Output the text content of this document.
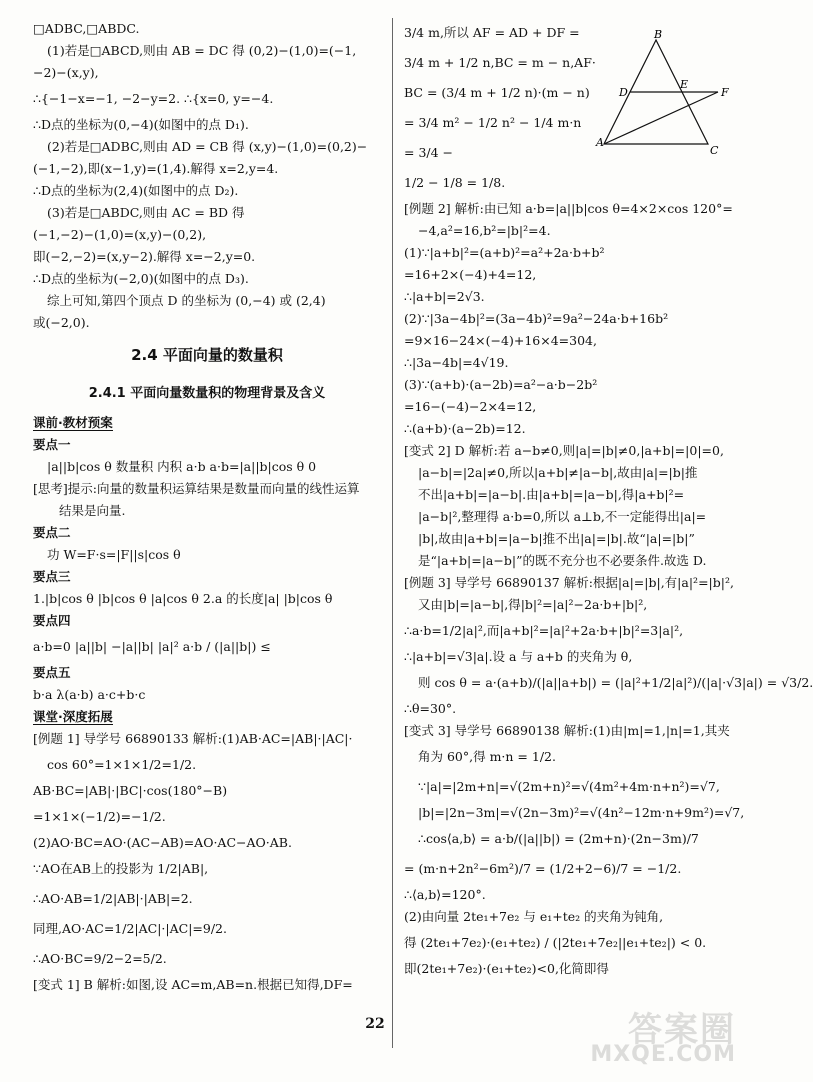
□ADBC,□ABDC.
(1)若是□ABCD,则由 AB = DC 得 (0,2)−(1,0)=(−1,
−2)−(x,y),
∴{−1−x=−1, −2−y=2. ∴{x=0, y=−4.
∴D点的坐标为(0,−4)(如图中的点 D₁).
(2)若是□ADBC,则由 AD = CB 得 (x,y)−(1,0)=(0,2)−
(−1,−2),即(x−1,y)=(1,4).解得 x=2,y=4.
∴D点的坐标为(2,4)(如图中的点 D₂).
(3)若是□ABDC,则由 AC = BD 得
(−1,−2)−(1,0)=(x,y)−(0,2),
即(−2,−2)=(x,y−2).解得 x=−2,y=0.
∴D点的坐标为(−2,0)(如图中的点 D₃).
综上可知,第四个顶点 D 的坐标为 (0,−4) 或 (2,4)
或(−2,0).
2.4 平面向量的数量积
2.4.1 平面向量数量积的物理背景及含义
课前·教材预案
要点一
|a||b|cos θ 数量积 内积 a·b a·b=|a||b|cos θ 0
[思考]提示:向量的数量积运算结果是数量而向量的线性运算
结果是向量.
要点二
功 W=F·s=|F||s|cos θ
要点三
1.|b|cos θ |b|cos θ |a|cos θ 2.a 的长度|a| |b|cos θ
要点四
a·b=0 |a||b| −|a||b| |a|² a·b / (|a||b|) ≤
要点五
b·a λ(a·b) a·c+b·c
课堂·深度拓展
[例题 1] 导学号 66890133 解析:(1)AB·AC=|AB|·|AC|·
cos 60°=1×1×1/2=1/2.
AB·BC=|AB|·|BC|·cos(180°−B)
=1×1×(−1/2)=−1/2.
(2)AO·BC=AO·(AC−AB)=AO·AC−AO·AB.
∵AO在AB上的投影为 1/2|AB|,
∴AO·AB=1/2|AB|·|AB|=2.
同理,AO·AC=1/2|AC|·|AC|=9/2.
∴AO·BC=9/2−2=5/2.
[变式 1] B 解析:如图,设 AC=m,AB=n.根据已知得,DF=
B
D
E
F
A
C
3/4 m,所以 AF = AD + DF =
3/4 m + 1/2 n,BC = m − n,AF·
BC = (3/4 m + 1/2 n)·(m − n) = 3/4 m² − 1/2 n² − 1/4 m·n = 3/4 −
1/2 − 1/8 = 1/8.
[例题 2] 解析:由已知 a·b=|a||b|cos θ=4×2×cos 120°=
−4,a²=16,b²=|b|²=4.
(1)∵|a+b|²=(a+b)²=a²+2a·b+b²
=16+2×(−4)+4=12,
∴|a+b|=2√3.
(2)∵|3a−4b|²=(3a−4b)²=9a²−24a·b+16b²
=9×16−24×(−4)+16×4=304,
∴|3a−4b|=4√19.
(3)∵(a+b)·(a−2b)=a²−a·b−2b²
=16−(−4)−2×4=12,
∴(a+b)·(a−2b)=12.
[变式 2] D 解析:若 a−b≠0,则|a|=|b|≠0,|a+b|=|0|=0,
|a−b|=|2a|≠0,所以|a+b|≠|a−b|,故由|a|=|b|推
不出|a+b|=|a−b|.由|a+b|=|a−b|,得|a+b|²=
|a−b|²,整理得 a·b=0,所以 a⊥b,不一定能得出|a|=
|b|,故由|a+b|=|a−b|推不出|a|=|b|.故“|a|=|b|”
是“|a+b|=|a−b|”的既不充分也不必要条件.故选 D.
[例题 3] 导学号 66890137 解析:根据|a|=|b|,有|a|²=|b|²,
又由|b|=|a−b|,得|b|²=|a|²−2a·b+|b|²,
∴a·b=1/2|a|²,而|a+b|²=|a|²+2a·b+|b|²=3|a|²,
∴|a+b|=√3|a|.设 a 与 a+b 的夹角为 θ,
则 cos θ = a·(a+b)/(|a||a+b|) = (|a|²+1/2|a|²)/(|a|·√3|a|) = √3/2.
∴θ=30°.
[变式 3] 导学号 66890138 解析:(1)由|m|=1,|n|=1,其夹
角为 60°,得 m·n = 1/2.
∵|a|=|2m+n|=√(2m+n)²=√(4m²+4m·n+n²)=√7,
|b|=|2n−3m|=√(2n−3m)²=√(4n²−12m·n+9m²)=√7,
∴cos⟨a,b⟩ = a·b/(|a||b|) = (2m+n)·(2n−3m)/7
= (m·n+2n²−6m²)/7 = (1/2+2−6)/7 = −1/2.
∴⟨a,b⟩=120°.
(2)由向量 2te₁+7e₂ 与 e₁+te₂ 的夹角为钝角,
得 (2te₁+7e₂)·(e₁+te₂) / (|2te₁+7e₂||e₁+te₂|) < 0.
即(2te₁+7e₂)·(e₁+te₂)<0,化简即得
22	答案圈
MXQE.COM
